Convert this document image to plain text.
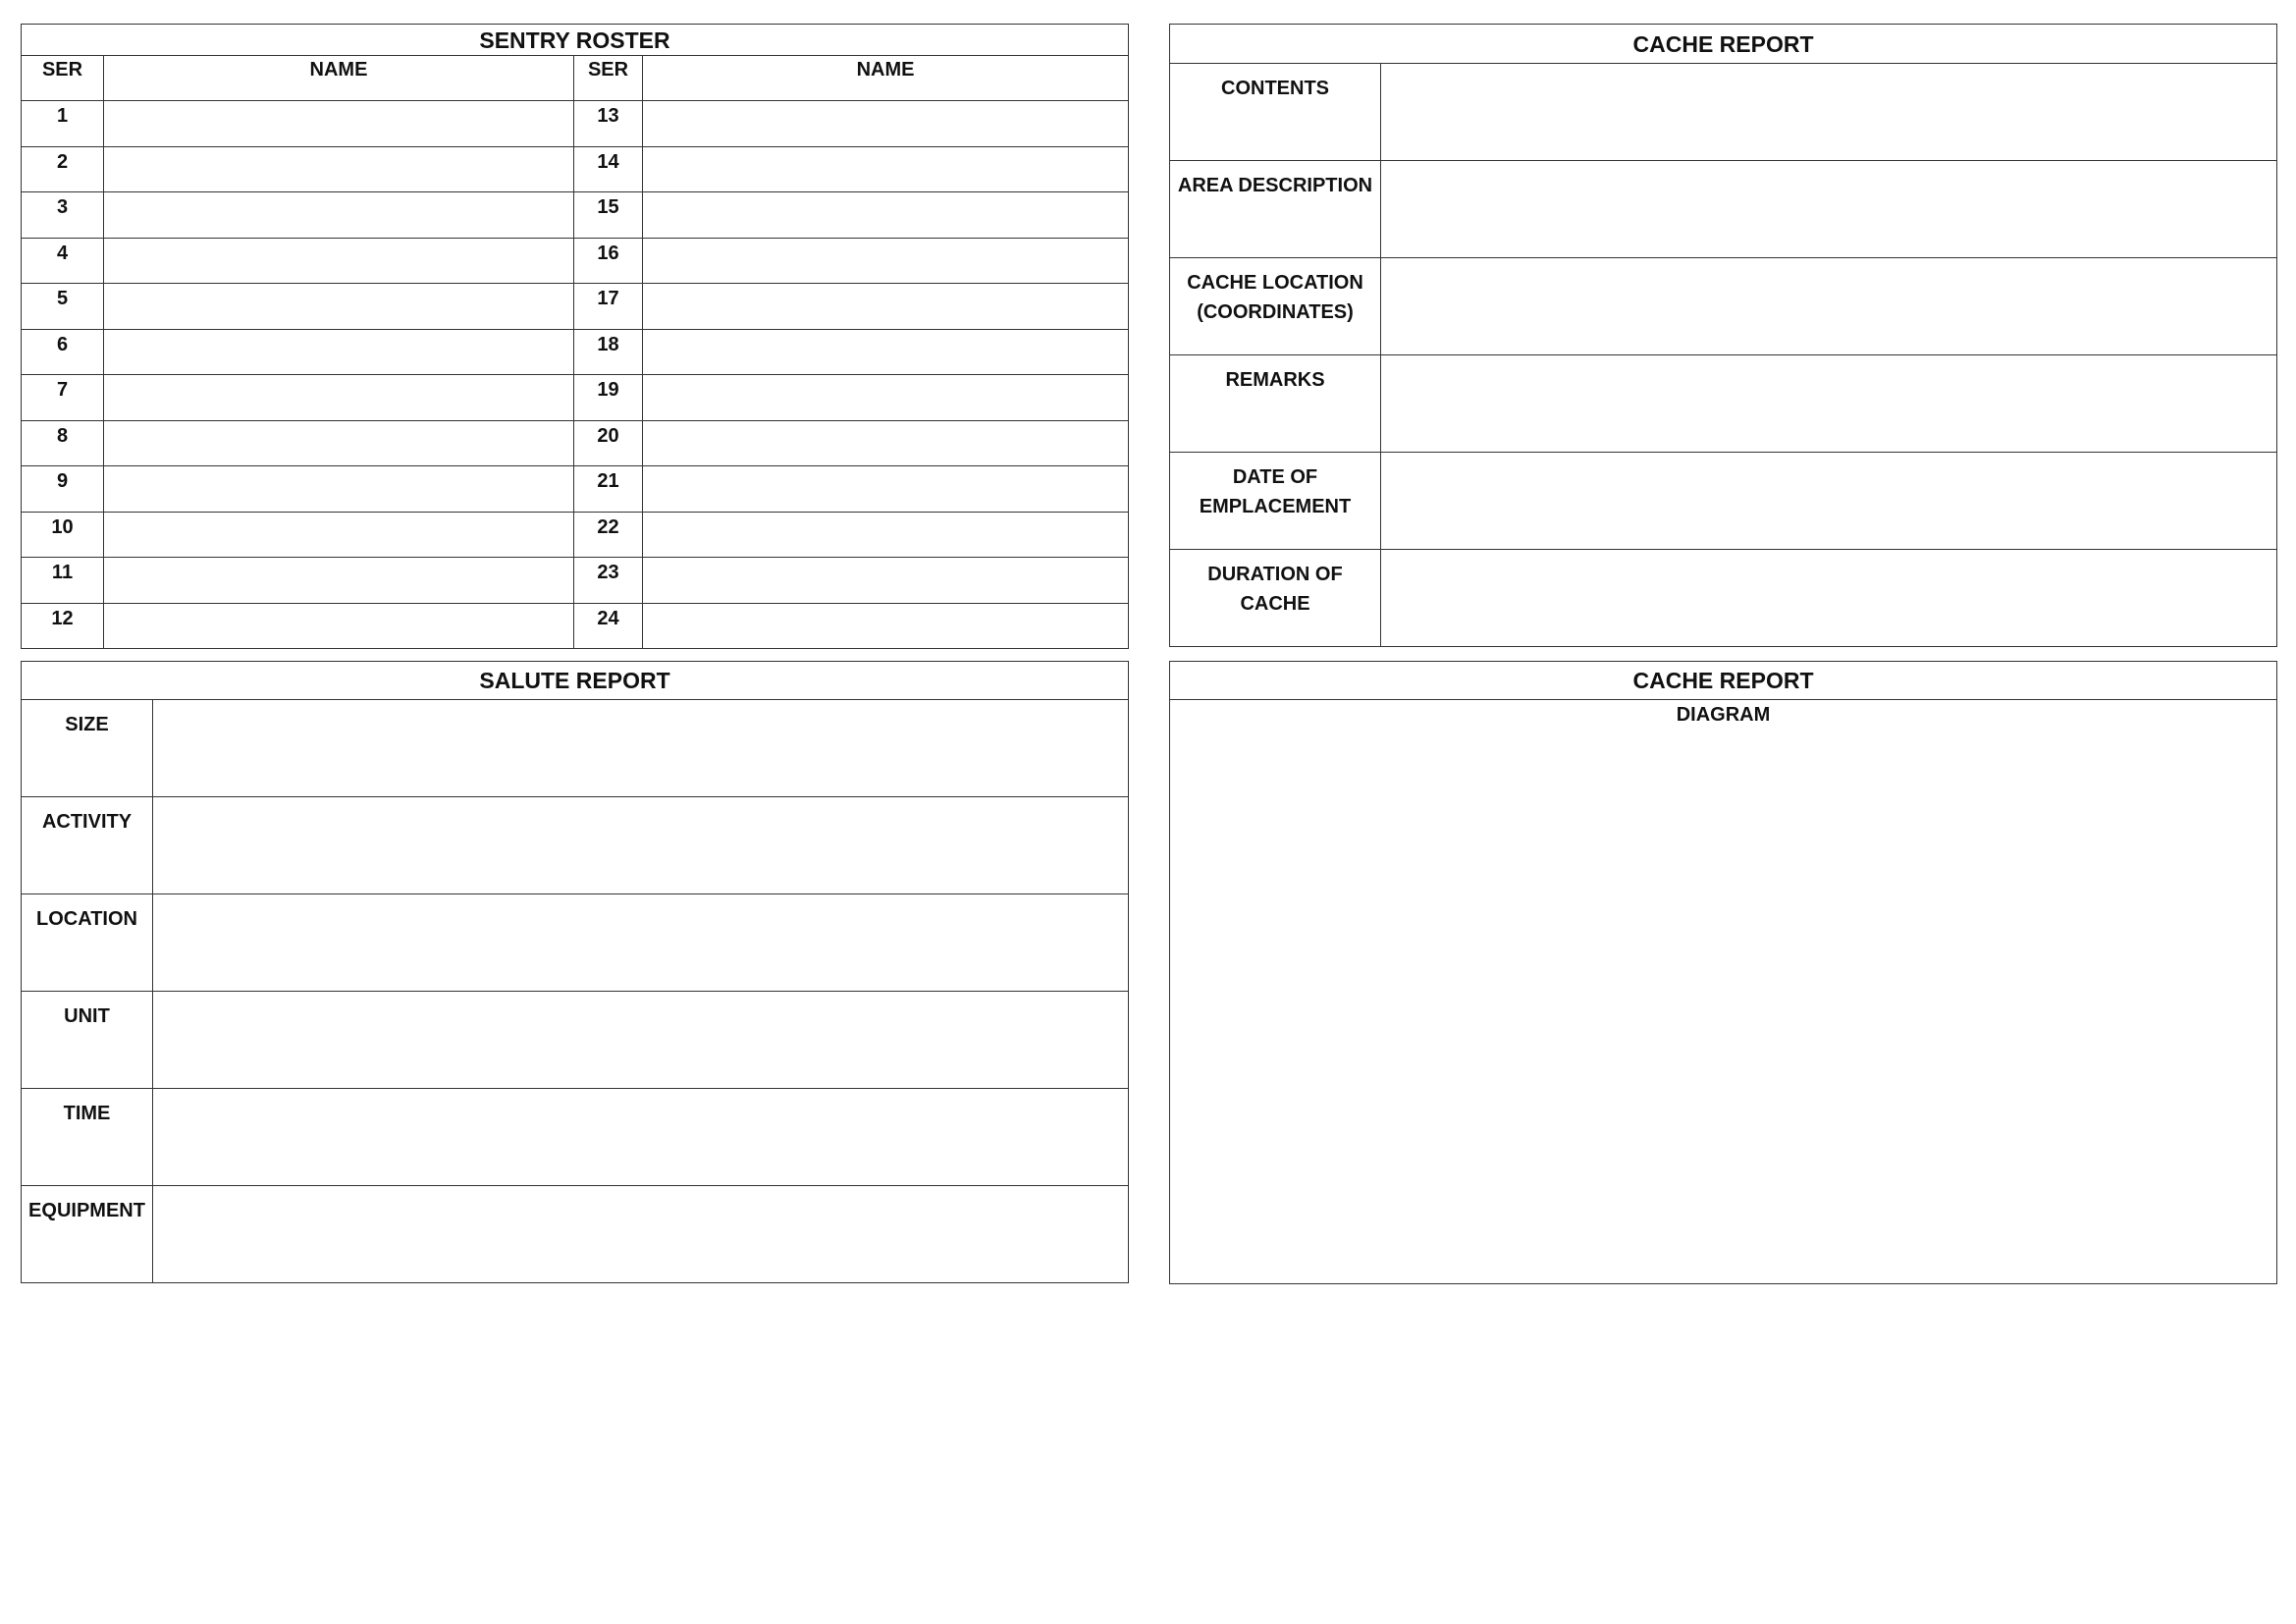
SENTRY ROSTER			
SER	NAME	SER	NAME
1		13	
2		14	
3		15	
4		16	
5		17	
6		18	
7		19	
8		20	
9		21	
10		22	
11		23	
12		24	
CACHE REPORT	
CONTENTS	
AREA DESCRIPTION	
CACHE LOCATION (COORDINATES)	
REMARKS	
DATE OF EMPLACEMENT	
DURATION OF CACHE	
SALUTE REPORT	
SIZE	
ACTIVITY	
LOCATION	
UNIT	
TIME	
EQUIPMENT	
CACHE REPORT
DIAGRAM
